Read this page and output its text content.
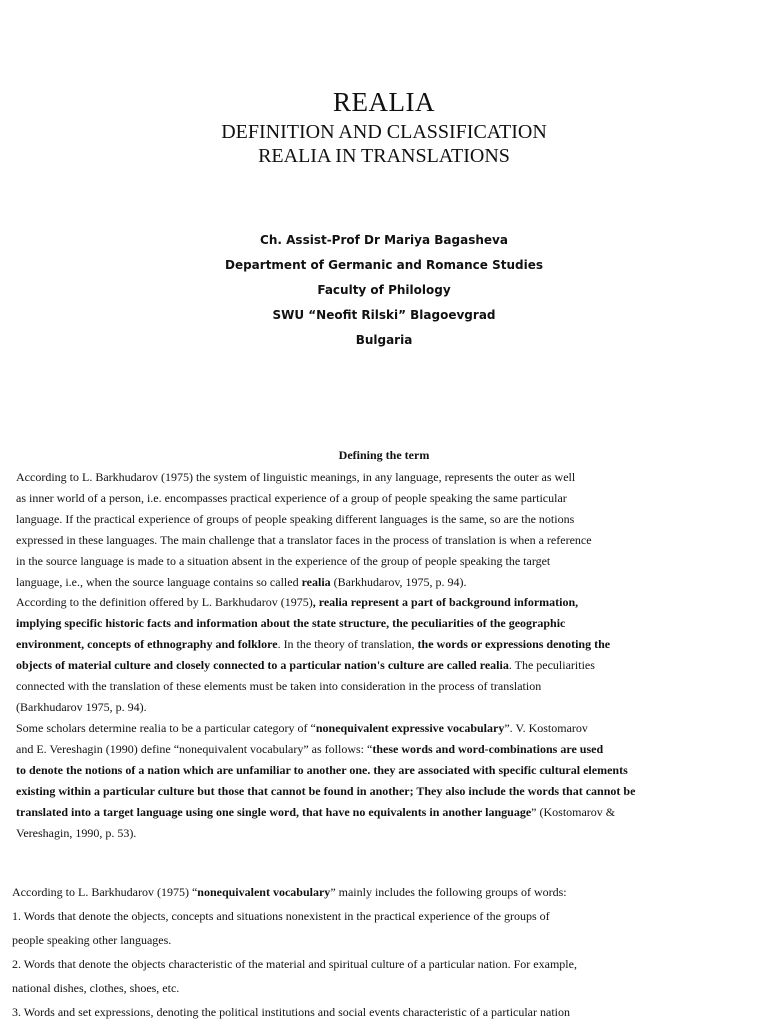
REALIA
DEFINITION AND CLASSIFICATION
REALIA IN TRANSLATIONS
Ch. Assist-Prof Dr Mariya Bagasheva
Department of Germanic and Romance Studies
Faculty of Philology
SWU “Neofit Rilski” Blagoevgrad
Bulgaria
Defining the term
According to L. Barkhudarov (1975) the system of linguistic meanings, in any language, represents the outer as well
as inner world of a person, i.e. encompasses practical experience of a group of people speaking the same particular
language. If the practical experience of groups of people speaking different languages is the same, so are the notions
expressed in these languages. The main challenge that a translator faces in the process of translation is when a reference
in the source language is made to a situation absent in the experience of the group of people speaking the target
language, i.e., when the source language contains so called realia (Barkhudarov, 1975, p. 94).
According to the definition offered by L. Barkhudarov (1975), realia represent a part of background information,
implying specific historic facts and information about the state structure, the peculiarities of the geographic
environment, concepts of ethnography and folklore. In the theory of translation, the words or expressions denoting the
objects of material culture and closely connected to a particular nation's culture are called realia. The peculiarities
connected with the translation of these elements must be taken into consideration in the process of translation
(Barkhudarov 1975, p. 94).
Some scholars determine realia to be a particular category of “nonequivalent expressive vocabulary”. V. Kostomarov
and E. Vereshagin (1990) define “nonequivalent vocabulary” as follows: “these words and word-combinations are used
to denote the notions of a nation which are unfamiliar to another one. they are associated with specific cultural elements
existing within a particular culture but those that cannot be found in another; They also include the words that cannot be
translated into a target language using one single word, that have no equivalents in another language” (Kostomarov &
Vereshagin, 1990, p. 53).
According to L. Barkhudarov (1975) “nonequivalent vocabulary” mainly includes the following groups of words:
1. Words that denote the objects, concepts and situations nonexistent in the practical experience of the groups of
people speaking other languages.
2. Words that denote the objects characteristic of the material and spiritual culture of a particular nation. For example,
national dishes, clothes, shoes, etc.
3. Words and set expressions, denoting the political institutions and social events characteristic of a particular nation
